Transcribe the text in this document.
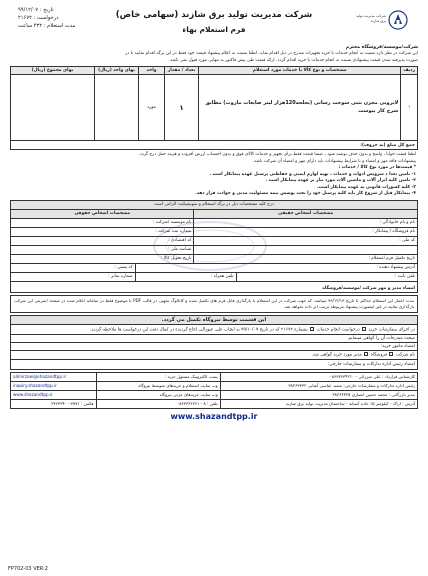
تاریخ : ۹۹/۱۲/۰۷
درخواست : ۲۱۶۷۲
مدت استعلام : ۴۳۲ ساعت
شرکت مدیریت تولید برق شازند (سهامی خاص)
فرم استعلام بهاء
شرکت مدیریت تولید برق شازند
شرکت/موسسه/فروشگاه محترم
این شرکت در نظر دارد نسبت به انجام خدمات یا خرید تجهیزات مندرج در ذیل اقدام نماید. لطفا نسبت به اعلام پیشنهاد قیمت خود فقط در این برگه اقدام نمایید تا در
صورت پذیرفته شدن قیمت پیشنهادی نسبت به انجام خدمات یا خرید اقدام گردد. ارائه قیمت طی پیش فاکتور به تنهایی مورد قبول نمی باشد.
ردیف	مشخصات و نوع کالا یا خدمات مورد استعلام	تعداد / مقدار	واحد	بهای واحد (ریال)	بهای مجموع (ریال)
۱	لایروبی مخزن بتنی سوخت رسانی (بحلجه120هزار لیتر ضایعات مازوت) مطابق شرح کار پیوست	۱	مورد		
جمع کل مبلغ (به حروف):					
لطفا قیمت خوانا ، واضح و بدون حذف نوشته شود ، ضمنا قیمت فقط برای تجهیز و خدمات کالای فوق و بدون احتساب ارزش افزوده و هزینه حمل درج گردد.
پیشنهادات فاقد مهر و امضاء و یا شرایط پیشنهادات باید دارای مهر و امضاء آن شرکت باشد.
* قیمت‌ها در مورد نوع کالا / خدمات :
۱- تامین تعدا د سرویس ادوات و خدمات ، تهیه لوازم ایمنی و حفاظتی پرسنل عهده پیمانکار است .
۲- تامین کلیه ابزار آلات و ماشین آلات مورد نیاز بر عهده پیمانکار است .
۳- کلیه کسورات قانونی به عهده پیمانکار است.
۴- پیمانکار قبل از شروع کار باید کلیه پرسنل خود را تحت پوشش بیمه مسئولیت مدنی و حوادث قرار دهد.
درج کلیه مشخصات ذیل در برگه استعلام و سوتیفیکیت الزامی است			
مشخصات اشخاص حقیقی		مشخصات اشخاص حقوقی	
نام و نام خانوادگی :		نام موسسه /شرکت :	
نام فروشگاه / پیمانکار :		شماره ثبت شرکت :	
کد ملی :		کد اقتصادی :	
		شناسه ملی :	
تاریخ تکمیل فرم استعلام :		تاریخ تحویل کالا :	
آدرس پیشنهاد دهنده :			کد پستی :
تلفن ثابت :	تلفن همراه :		شماره نمابر :
امضاء مدیر و مهر شرکت /موسسه/فروشگاه			
مدت اعتبار این استعلام حداکثر تا تاریخ ۹۹/۱۲/۱۳ میباشد. که جهت شرکت در این استعلام با بارگذاری فایل فرم های تکمیل شده و کاتالوگ تجهیز، در قالب PDF با موضوع فقط در سامانه اعلام شده در صفحه اینترنتی این شرکت بارگذاری نمایید در غیر اینصورت پیشنهاد مربوطه ترتیب اثر داده نخواهد شد.
این قسمت توسط نیروگاه تکمیل می گردد.
در اجرای سفارشات خرید  درخواست انجام خدمات  بشماره ۲۱۶۷۲ که در تاریخ ۹۹/۱۰/۰۹ به ایجاب علی عیورالی (جاع گردیده در کمال دقت این درخواست ها ملاحظه گردید.
صحت مندرجات آن را گواهی مینمایم.
امضاء مامور خرید:
نام شرکت  فروشگاه  مدیر مورد خرید گواهی شد.
امضاء رئیس اداره تدارکات و سفارشات خارجی:
کارشناس قرارداد : علی میرزائی - ۰۸۶۳۳۶۳۴۲۱۰	پست الکترونیک مسئول خرید :	alimirzaei@shazandtpp.ir
رئیس اداره تدارکات و سفارشات خارجی: سعید عباسی آشانی ۳۸۲۶۳۳۳۲	وب سایت استعلام و خریدهای متوسط نیروگاه	inquiry.shazandtpp.ir
مدیر بازرگانی : محمد حسین انصاری ۳۸۲۶۳۳۲۵	وب سایت خریدهای جزئی نیروگاه	www.shazandtpp.ir
آدرس : اراک - کیلومتر ۱۵ جاده آستانه - ساختمان مدیریت تولید برق شازند	تلفن : ۸ - ۰۸۶۳۳۶۲۶۶۱	فکس : ۳۸۷۱-۳۳۶۳۳۴۰۰
www.shazandtpp.ir
FP702-03 VER:2
